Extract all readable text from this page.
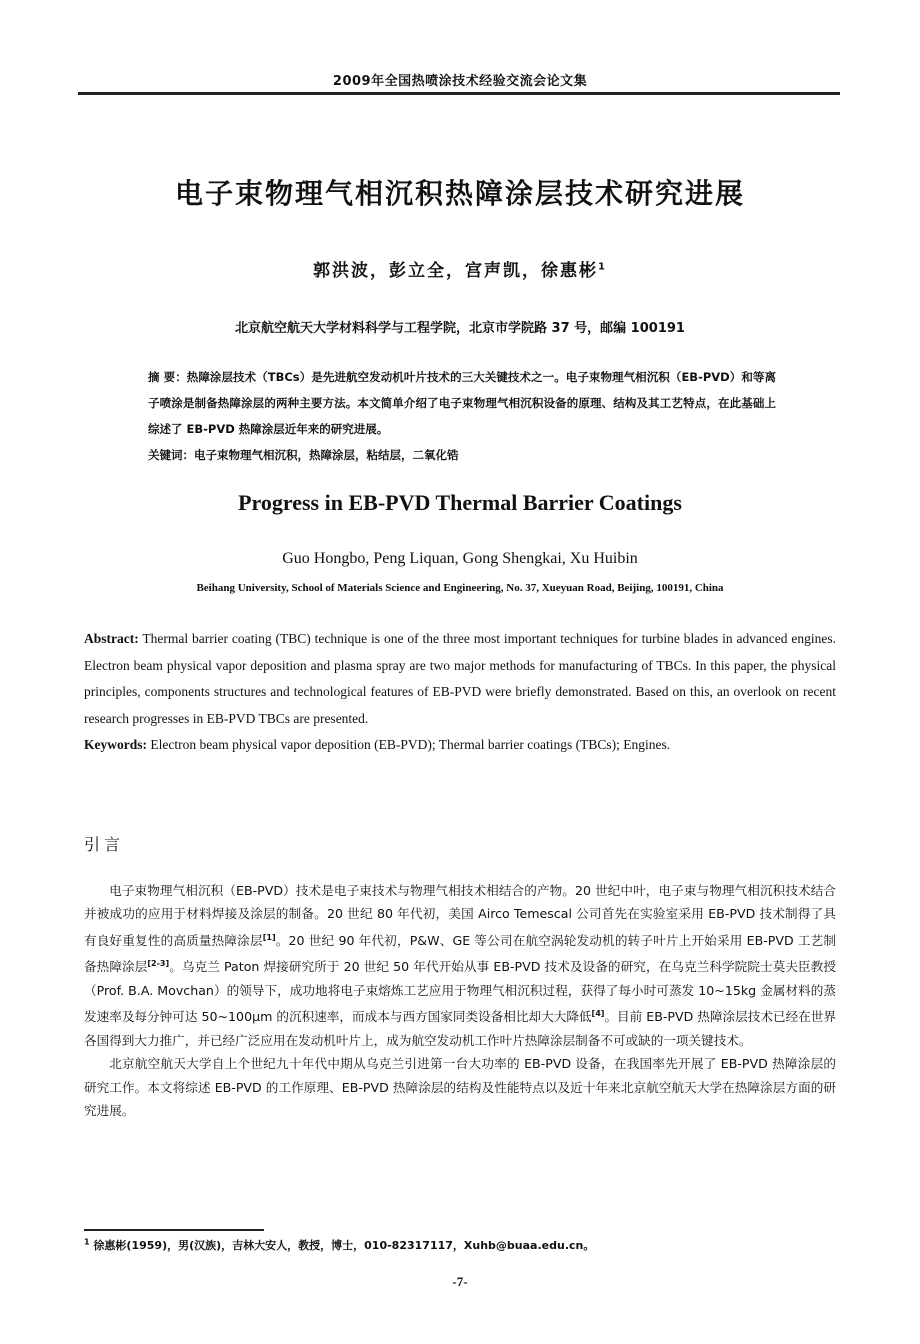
2009年全国热喷涂技术经验交流会论文集
电子束物理气相沉积热障涂层技术研究进展
郭洪波，彭立全，宫声凯，徐惠彬$^1$
北京航空航天大学材料科学与工程学院，北京市学院路 37 号，邮编 100191

摘 要：热障涂层技术（TBCs）是先进航空发动机叶片技术的三大关键技术之一。电子束物理气相沉积（EB-PVD）和等离子喷涂是制备热障涂层的两种主要方法。本文简单介绍了电子束物理气相沉积设备的原理、结构及其工艺特点，在此基础上综述了 EB-PVD 热障涂层近年来的研究进展。

关键词：电子束物理气相沉积，热障涂层，粘结层，二氧化锆

Progress in EB-PVD Thermal Barrier Coatings
Guo Hongbo, Peng Liquan, Gong Shengkai, Xu Huibin
Beihang University, School of Materials Science and Engineering, No. 37, Xueyuan Road, Beijing, 100191, China

Abstract: Thermal barrier coating (TBC) technique is one of the three most important techniques for turbine blades in advanced engines. Electron beam physical vapor deposition and plasma spray are two major methods for manufacturing of TBCs. In this paper, the physical principles, components structures and technological features of EB-PVD were briefly demonstrated. Based on this, an overlook on recent research progresses in EB-PVD TBCs are presented.

Keywords: Electron beam physical vapor deposition (EB-PVD); Thermal barrier coatings (TBCs); Engines.

引言

电子束物理气相沉积（EB-PVD）技术是电子束技术与物理气相技术相结合的产物。20 世纪中叶，电子束与物理气相沉积技术结合并被成功的应用于材料焊接及涂层的制备。20 世纪 80 年代初，美国 Airco Temescal 公司首先在实验室采用 EB-PVD 技术制得了具有良好重复性的高质量热障涂层[1]。20 世纪 90 年代初，P&W、GE 等公司在航空涡轮发动机的转子叶片上开始采用 EB-PVD 工艺制备热障涂层[2-3]。乌克兰 Paton 焊接研究所于 20 世纪 50 年代开始从事 EB-PVD 技术及设备的研究，在乌克兰科学院院士莫夫臣教授（Prof. B.A. Movchan）的领导下，成功地将电子束熔炼工艺应用于物理气相沉积过程，获得了每小时可蒸发 10~15kg 金属材料的蒸发速率及每分钟可达 50~100μm 的沉积速率，而成本与西方国家同类设备相比却大大降低[4]。目前 EB-PVD 热障涂层技术已经在世界各国得到大力推广，并已经广泛应用在发动机叶片上，成为航空发动机工作叶片热障涂层制备不可或缺的一项关键技术。

北京航空航天大学自上个世纪九十年代中期从乌克兰引进第一台大功率的 EB-PVD 设备，在我国率先开展了 EB-PVD 热障涂层的研究工作。本文将综述 EB-PVD 的工作原理、EB-PVD 热障涂层的结构及性能特点以及近十年来北京航空航天大学在热障涂层方面的研究进展。

$^1$ 徐惠彬(1959)，男(汉族)，吉林大安人，教授，博士，010-82317117，Xuhb@buaa.edu.cn。
-7-
